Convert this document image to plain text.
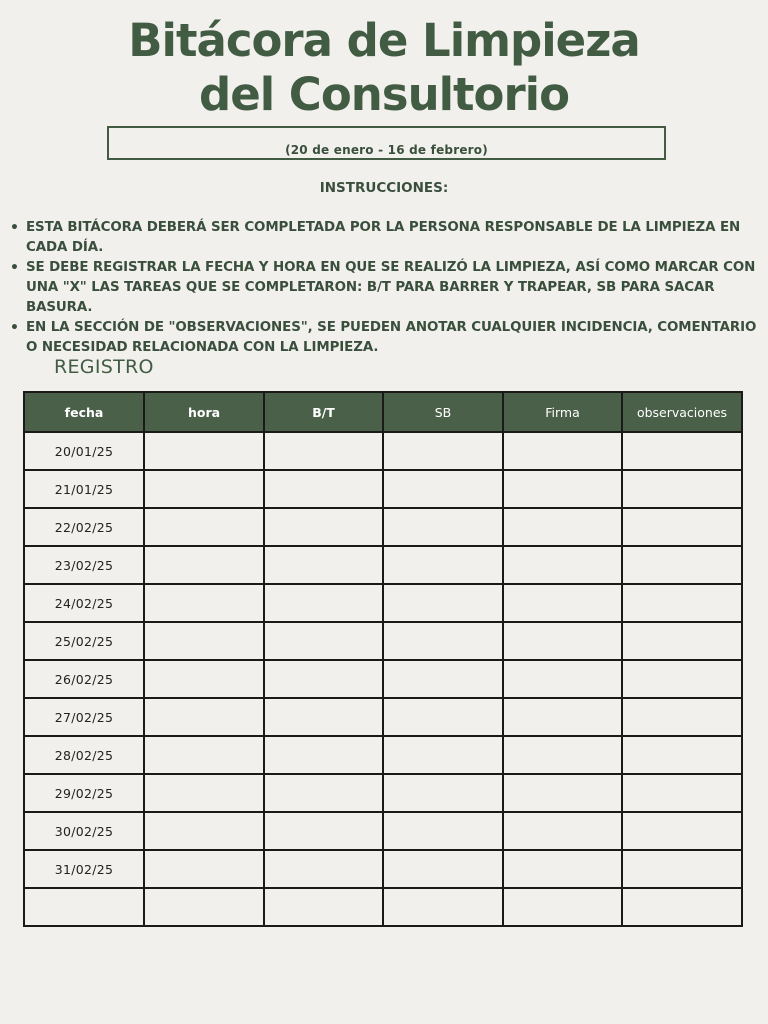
Bitácora de Limpieza
del Consultorio
(20 de enero - 16 de febrero)
INSTRUCCIONES:
• ESTA BITÁCORA DEBERÁ SER COMPLETADA POR LA PERSONA RESPONSABLE DE LA LIMPIEZA EN CADA DÍA.
• SE DEBE REGISTRAR LA FECHA Y HORA EN QUE SE REALIZÓ LA LIMPIEZA, ASÍ COMO MARCAR CON UNA "X" LAS TAREAS QUE SE COMPLETARON: B/T PARA BARRER Y TRAPEAR, SB PARA SACAR BASURA.
• EN LA SECCIÓN DE "OBSERVACIONES", SE PUEDEN ANOTAR CUALQUIER INCIDENCIA, COMENTARIO O NECESIDAD RELACIONADA CON LA LIMPIEZA.
REGISTRO
fecha	hora	B/T	SB	Firma	observaciones
20/01/25					
21/01/25					
22/02/25					
23/02/25					
24/02/25					
25/02/25					
26/02/25					
27/02/25					
28/02/25					
29/02/25					
30/02/25					
31/02/25					
